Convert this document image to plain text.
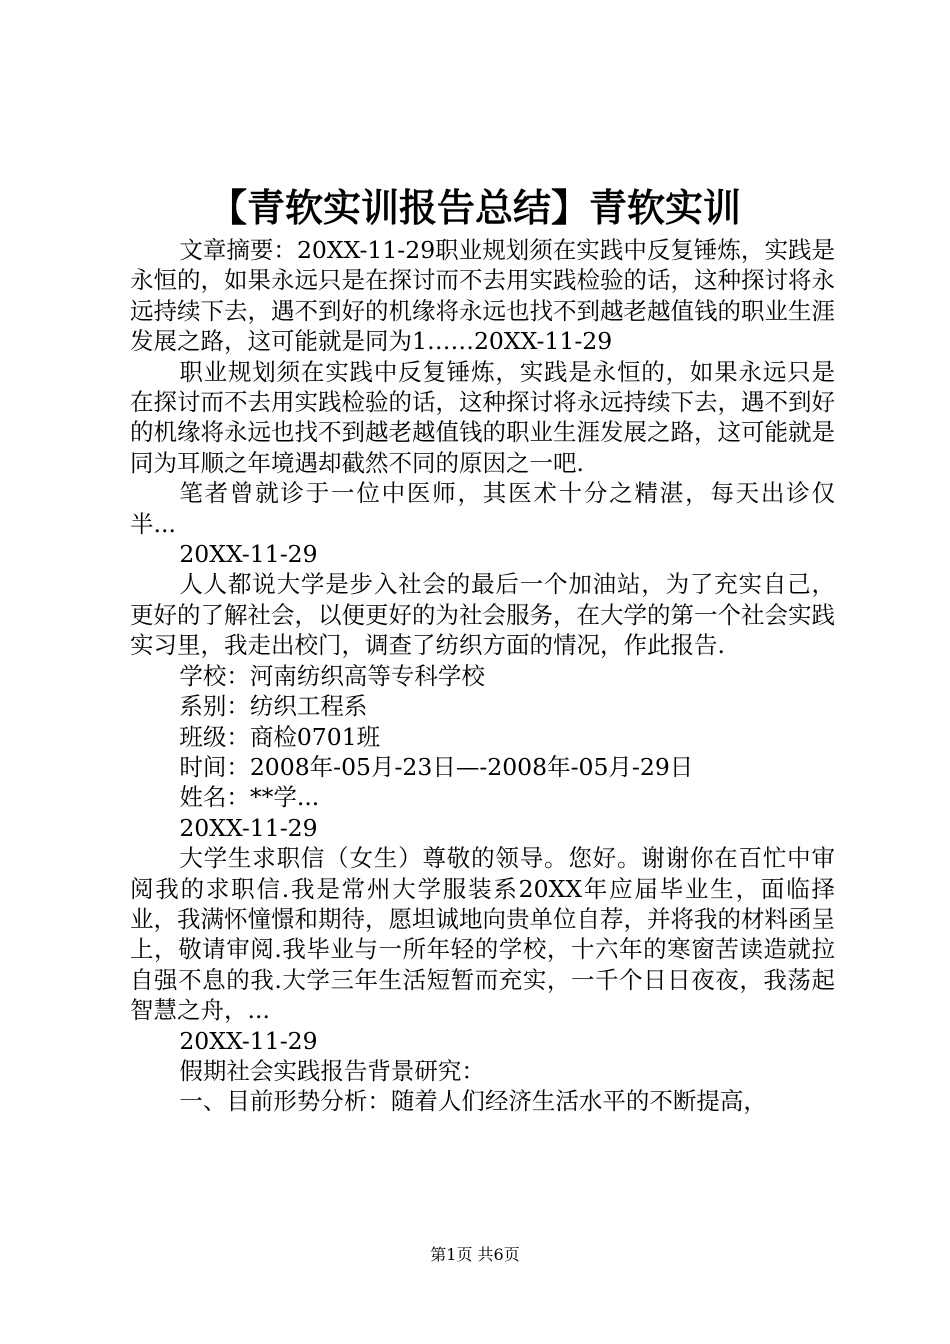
【青软实训报告总结】青软实训

文章摘要：20XX-11-29职业规划须在实践中反复锤炼，实践是永恒的，如果永远只是在探讨而不去用实践检验的话，这种探讨将永远持续下去，遇不到好的机缘将永远也找不到越老越值钱的职业生涯发展之路，这可能就是同为1……20XX-11-29

职业规划须在实践中反复锤炼，实践是永恒的，如果永远只是在探讨而不去用实践检验的话，这种探讨将永远持续下去，遇不到好的机缘将永远也找不到越老越值钱的职业生涯发展之路，这可能就是同为耳顺之年境遇却截然不同的原因之一吧.

笔者曾就诊于一位中医师，其医术十分之精湛，每天出诊仅半...

20XX-11-29

人人都说大学是步入社会的最后一个加油站，为了充实自己，更好的了解社会，以便更好的为社会服务，在大学的第一个社会实践实习里，我走出校门，调查了纺织方面的情况，作此报告.

学校：河南纺织高等专科学校

系别：纺织工程系

班级：商检0701班

时间：2008年-05月-23日—-2008年-05月-29日

姓名：**学...

20XX-11-29

大学生求职信（女生）尊敬的领导。您好。谢谢你在百忙中审阅我的求职信.我是常州大学服装系20XX年应届毕业生，面临择业，我满怀憧憬和期待，愿坦诚地向贵单位自荐，并将我的材料函呈上，敬请审阅.我毕业与一所年轻的学校，十六年的寒窗苦读造就拉自强不息的我.大学三年生活短暂而充实，一千个日日夜夜，我荡起智慧之舟，...

20XX-11-29

假期社会实践报告背景研究：

一、目前形势分析：随着人们经济生活水平的不断提高，

第1页 共6页
